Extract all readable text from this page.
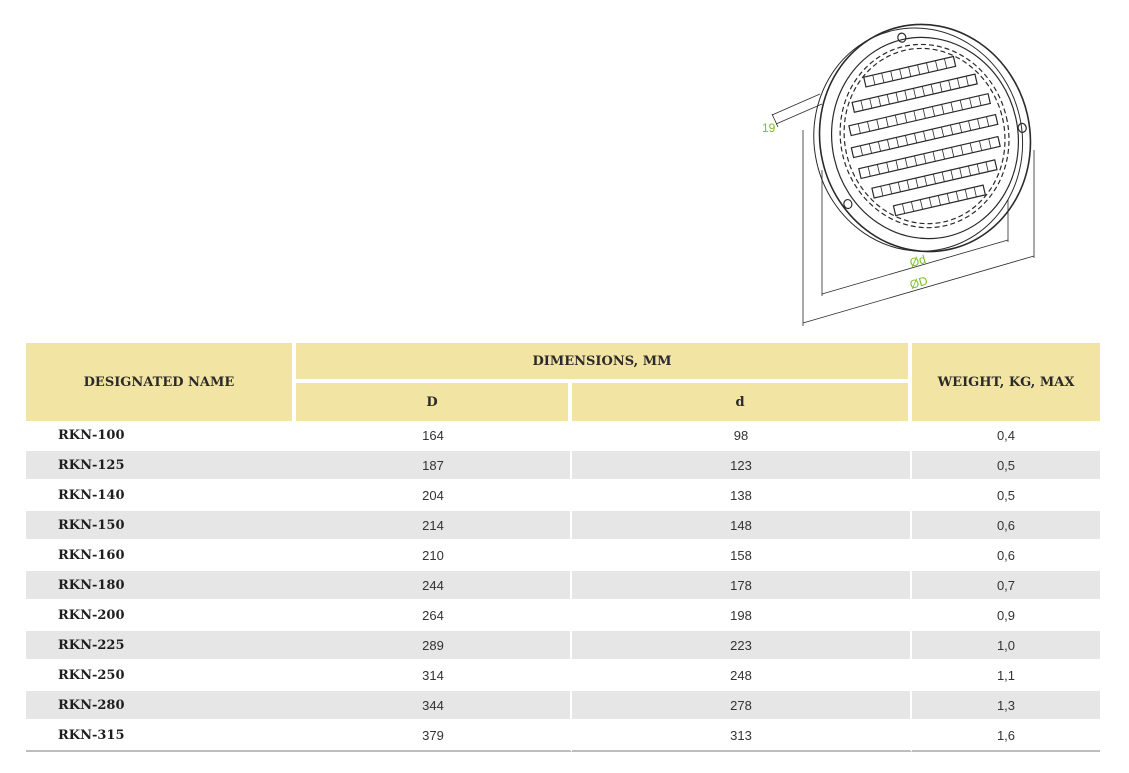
19
Ød
ØD
DESIGNATED NAME	DIMENSIONS, MM		WEIGHT, KG, MAX
	D	d	
RKN-100	164	98	0,4
RKN-125	187	123	0,5
RKN-140	204	138	0,5
RKN-150	214	148	0,6
RKN-160	210	158	0,6
RKN-180	244	178	0,7
RKN-200	264	198	0,9
RKN-225	289	223	1,0
RKN-250	314	248	1,1
RKN-280	344	278	1,3
RKN-315	379	313	1,6
